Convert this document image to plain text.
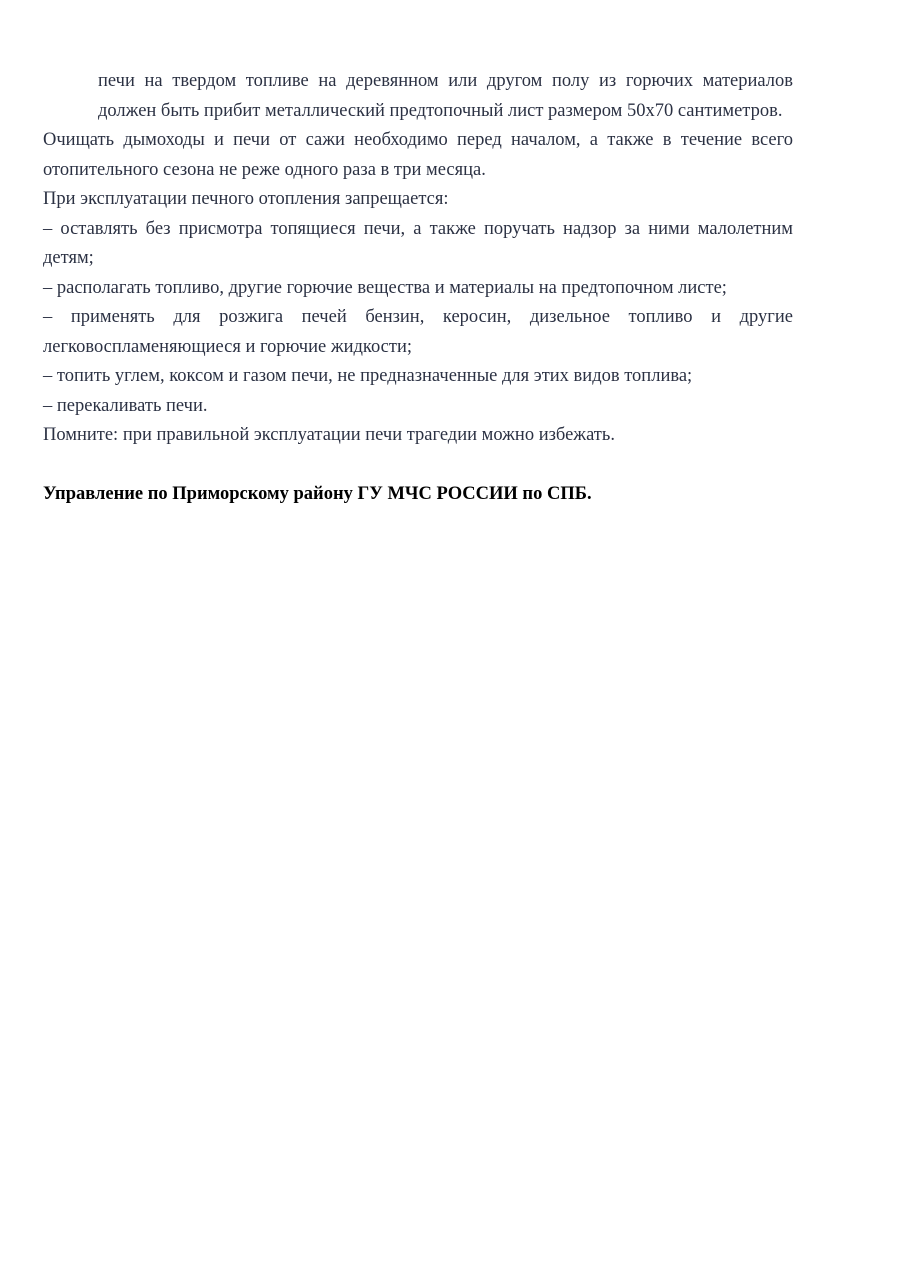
печи на твердом топливе на деревянном или другом полу из горючих материалов должен быть прибит металлический предтопочный лист размером 50х70 сантиметров.

Очищать дымоходы и печи от сажи необходимо перед началом, а также в течение всего отопительного сезона не реже одного раза в три месяца.

При эксплуатации печного отопления запрещается:

– оставлять без присмотра топящиеся печи, а также поручать надзор за ними малолетним детям;

– располагать топливо, другие горючие вещества и материалы на предтопочном листе;

– применять для розжига печей бензин, керосин, дизельное топливо и другие легковоспламеняющиеся и горючие жидкости;

– топить углем, коксом и газом печи, не предназначенные для этих видов топлива;

– перекаливать печи.

Помните: при правильной эксплуатации печи трагедии можно избежать.

Управление по Приморскому району ГУ МЧС РОССИИ по СПБ.
